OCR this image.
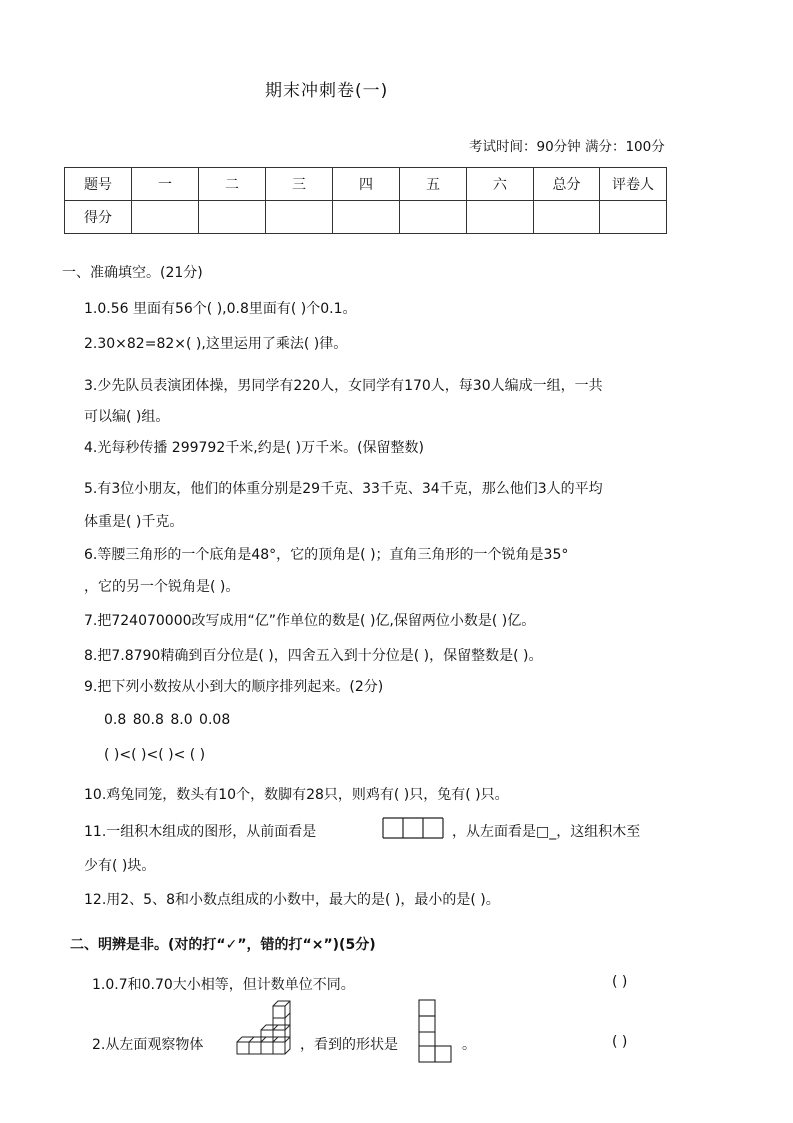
期末冲刺卷(一)
考试时间：90分钟 满分：100分
题号	一	二	三	四	五	六	总分	评卷人
得分								
一、准确填空。(21分)
1.0.56 里面有56个( ),0.8里面有( )个0.1。
2.30×82=82×( ),这里运用了乘法( )律。
3.少先队员表演团体操，男同学有220人，女同学有170人，每30人编成一组，一共
可以编( )组。
4.光每秒传播 299792千米,约是( )万千米。(保留整数)
5.有3位小朋友，他们的体重分别是29千克、33千克、34千克，那么他们3人的平均
体重是( )千克。
6.等腰三角形的一个底角是48°，它的顶角是( )；直角三角形的一个锐角是35°
，它的另一个锐角是( )。
7.把724070000改写成用“亿”作单位的数是( )亿,保留两位小数是( )亿。
8.把7.8790精确到百分位是( )，四舍五入到十分位是( )，保留整数是( )。
9.把下列小数按从小到大的顺序排列起来。(2分)
0.8 80.8 8.0 0.08
( )<( )<( )< ( )
10.鸡兔同笼，数头有10个，数脚有28只，则鸡有( )只，兔有( )只。
11.一组积木组成的图形，从前面看是	，从左面看是□_，这组积木至
少有( )块。
12.用2、5、8和小数点组成的小数中，最大的是( )，最小的是( )。
二、明辨是非。(对的打“✓”，错的打“×”)(5分)
1.0.7和0.70大小相等，但计数单位不同。	( )
2.从左面观察物体	，看到的形状是	。	( )
